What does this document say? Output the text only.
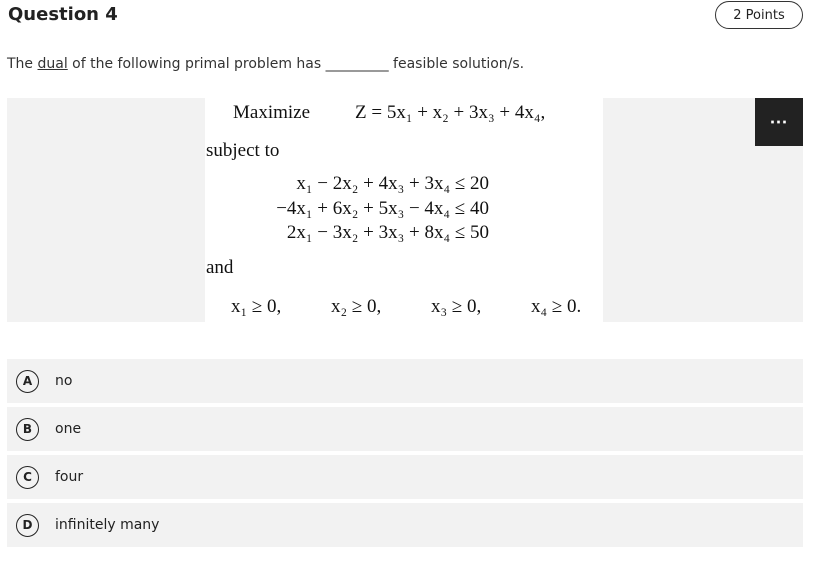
Question 4	2 Points
The dual of the following primal problem has _________ feasible solution/s.
Maximize Z = 5x₁ + x₂ + 3x₃ + 4x₄,
subject to
x₁ − 2x₂ + 4x₃ + 3x₄ ≤ 20
−4x₁ + 6x₂ + 5x₃ − 4x₄ ≤ 40
2x₁ − 3x₂ + 3x₃ + 8x₄ ≤ 50
and
x₁ ≥ 0,	x₂ ≥ 0,	x₃ ≥ 0,	x₄ ≥ 0.
⋯
A	no
B	one
C	four
D	infinitely many
